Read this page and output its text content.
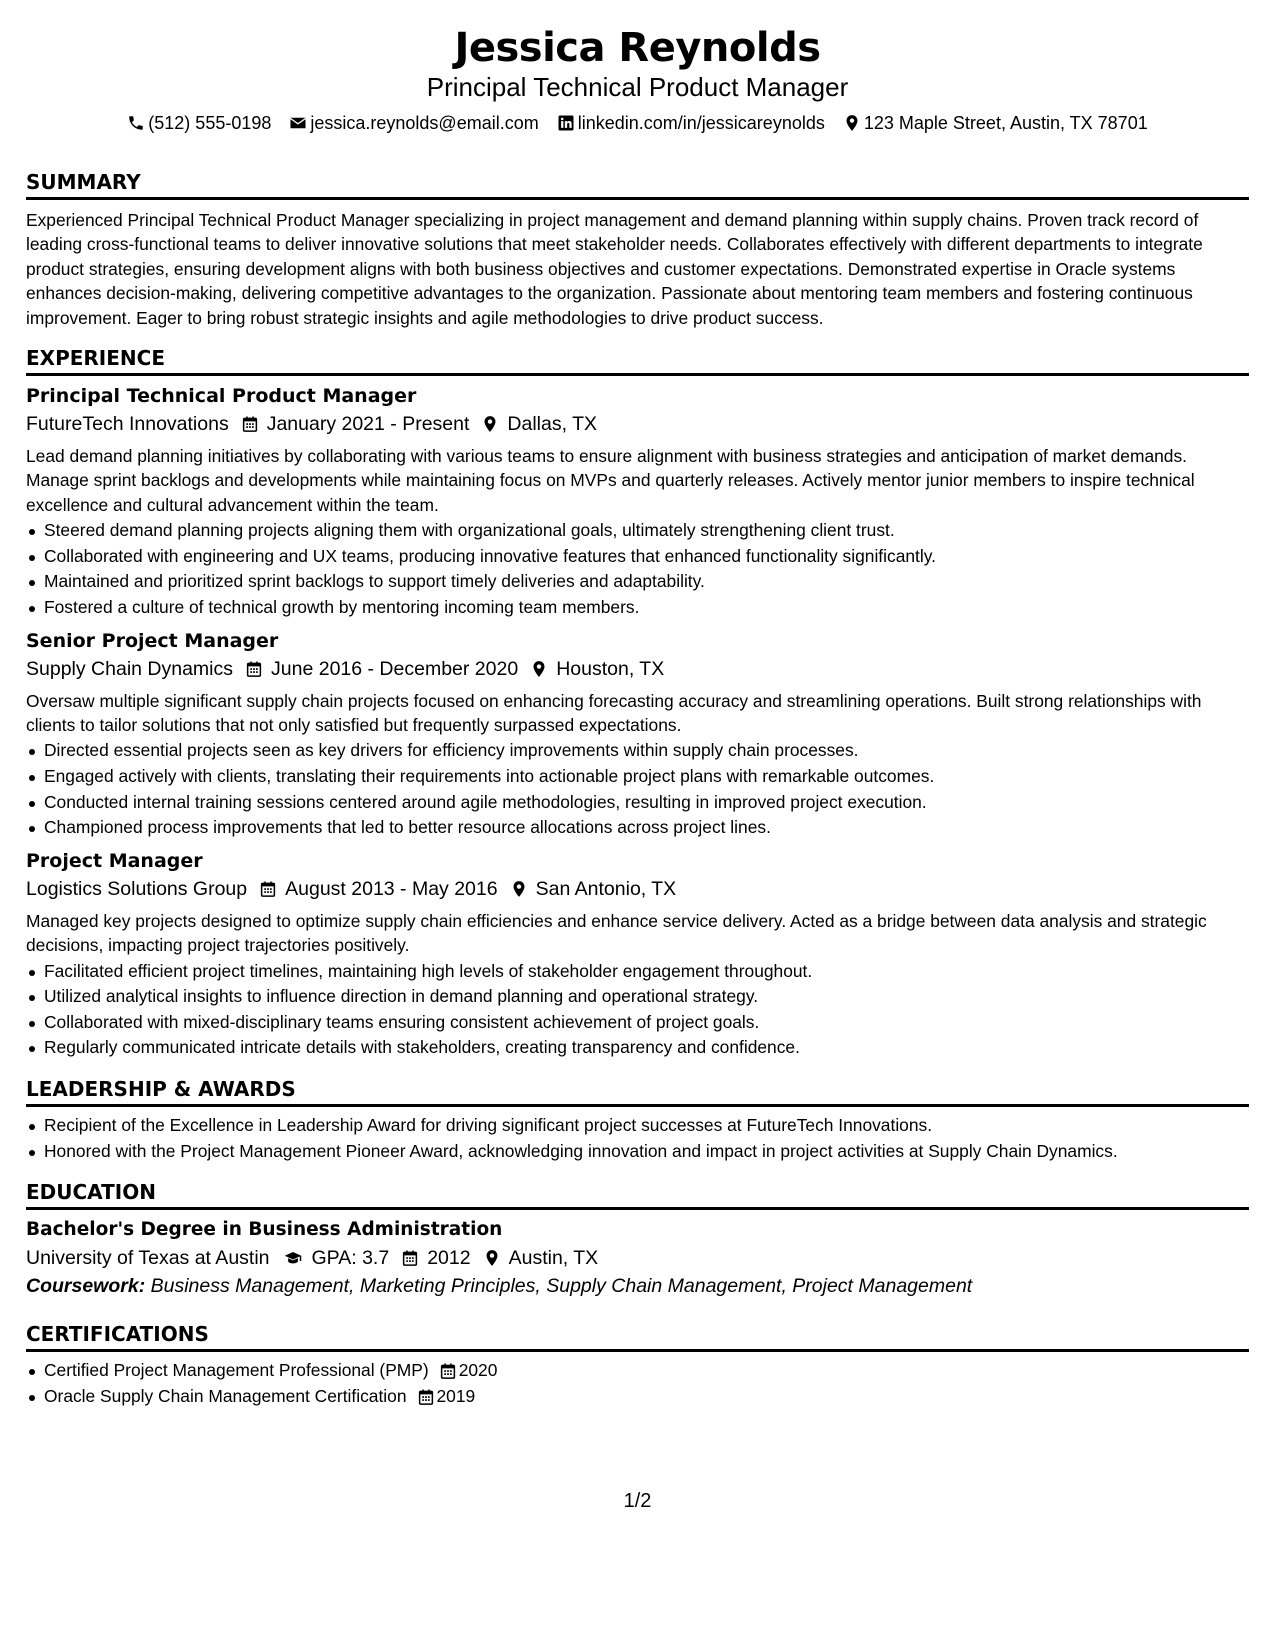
Jessica Reynolds
Principal Technical Product Manager
(512) 555-0198 jessica.reynolds@email.com linkedin.com/in/jessicareynolds 123 Maple Street, Austin, TX 78701
SUMMARY

Experienced Principal Technical Product Manager specializing in project management and demand planning within supply chains. Proven track record of leading cross-functional teams to deliver innovative solutions that meet stakeholder needs. Collaborates effectively with different departments to integrate product strategies, ensuring development aligns with both business objectives and customer expectations. Demonstrated expertise in Oracle systems enhances decision-making, delivering competitive advantages to the organization. Passionate about mentoring team members and fostering continuous improvement. Eager to bring robust strategic insights and agile methodologies to drive product success.

EXPERIENCE
Principal Technical Product Manager
FutureTech Innovations January 2021 - Present Dallas, TX

Lead demand planning initiatives by collaborating with various teams to ensure alignment with business strategies and anticipation of market demands. Manage sprint backlogs and developments while maintaining focus on MVPs and quarterly releases. Actively mentor junior members to inspire technical excellence and cultural advancement within the team.

Steered demand planning projects aligning them with organizational goals, ultimately strengthening client trust.
Collaborated with engineering and UX teams, producing innovative features that enhanced functionality significantly.
Maintained and prioritized sprint backlogs to support timely deliveries and adaptability.
Fostered a culture of technical growth by mentoring incoming team members.
Senior Project Manager
Supply Chain Dynamics June 2016 - December 2020 Houston, TX

Oversaw multiple significant supply chain projects focused on enhancing forecasting accuracy and streamlining operations. Built strong relationships with clients to tailor solutions that not only satisfied but frequently surpassed expectations.

Directed essential projects seen as key drivers for efficiency improvements within supply chain processes.
Engaged actively with clients, translating their requirements into actionable project plans with remarkable outcomes.
Conducted internal training sessions centered around agile methodologies, resulting in improved project execution.
Championed process improvements that led to better resource allocations across project lines.
Project Manager
Logistics Solutions Group August 2013 - May 2016 San Antonio, TX

Managed key projects designed to optimize supply chain efficiencies and enhance service delivery. Acted as a bridge between data analysis and strategic decisions, impacting project trajectories positively.

Facilitated efficient project timelines, maintaining high levels of stakeholder engagement throughout.
Utilized analytical insights to influence direction in demand planning and operational strategy.
Collaborated with mixed-disciplinary teams ensuring consistent achievement of project goals.
Regularly communicated intricate details with stakeholders, creating transparency and confidence.
LEADERSHIP & AWARDS
Recipient of the Excellence in Leadership Award for driving significant project successes at FutureTech Innovations.
Honored with the Project Management Pioneer Award, acknowledging innovation and impact in project activities at Supply Chain Dynamics.
EDUCATION
Bachelor's Degree in Business Administration
University of Texas at Austin GPA: 3.7 2012 Austin, TX
Coursework: Business Management, Marketing Principles, Supply Chain Management, Project Management
CERTIFICATIONS
Certified Project Management Professional (PMP) 2020
Oracle Supply Chain Management Certification 2019
1/2
